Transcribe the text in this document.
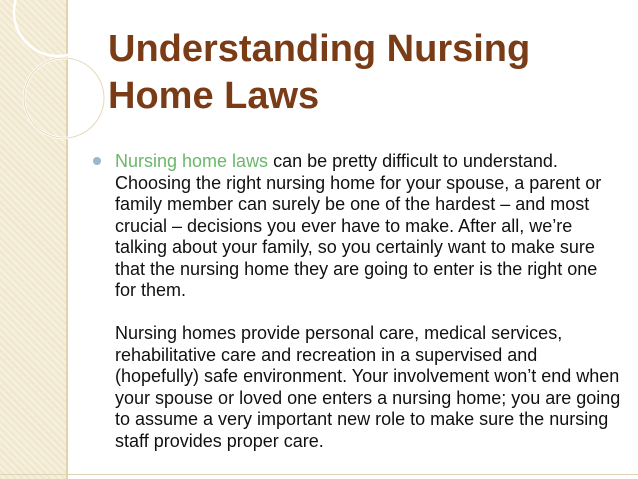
Understanding Nursing
Home Laws

Nursing home laws can be pretty difficult to understand. Choosing the right nursing home for your spouse, a parent or family member can surely be one of the hardest – and most crucial – decisions you ever have to make. After all, we’re talking about your family, so you certainly want to make sure that the nursing home they are going to enter is the right one for them.

Nursing homes provide personal care, medical services, rehabilitative care and recreation in a supervised and (hopefully) safe environment. Your involvement won’t end when your spouse or loved one enters a nursing home; you are going to assume a very important new role to make sure the nursing staff provides proper care.
